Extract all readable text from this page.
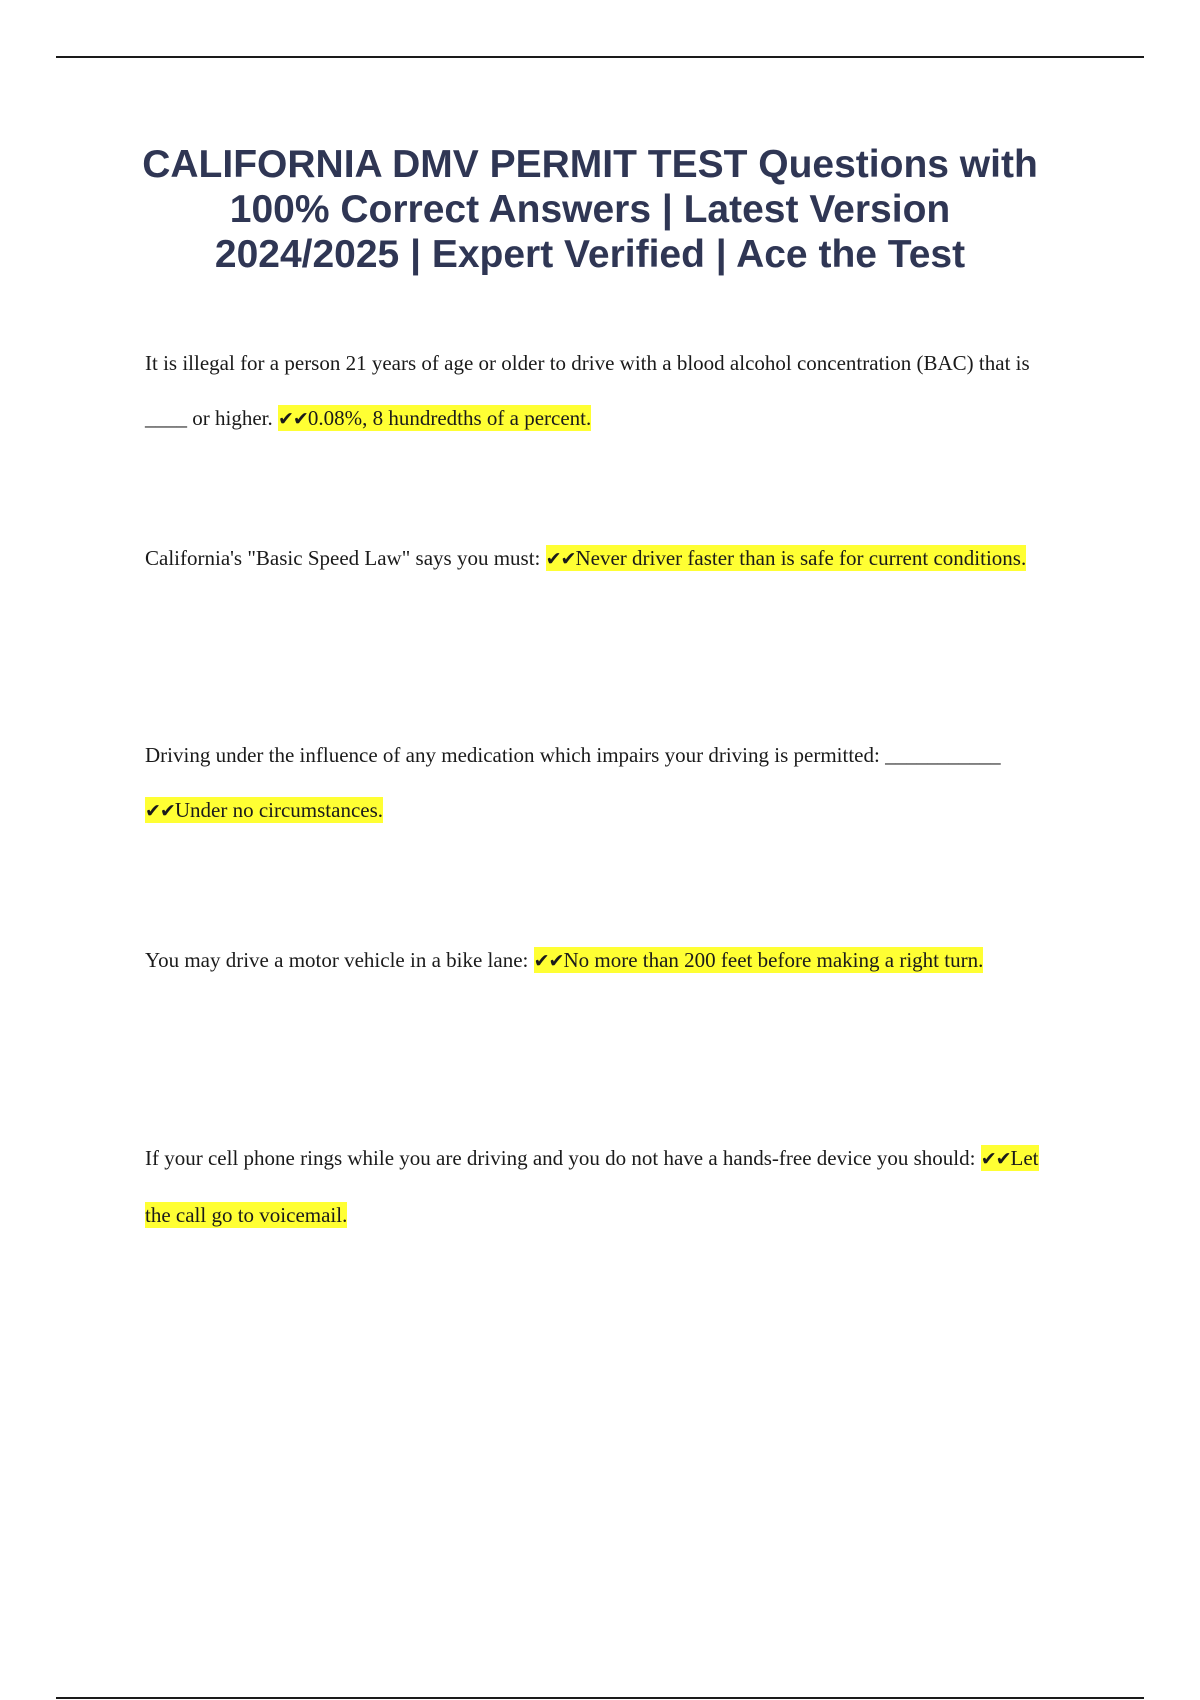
CALIFORNIA DMV PERMIT TEST Questions with 100% Correct Answers | Latest Version 2024/2025 | Expert Verified | Ace the Test

It is illegal for a person 21 years of age or older to drive with a blood alcohol concentration (BAC) that is ____ or higher. ✔✔0.08%, 8 hundredths of a percent.

California's "Basic Speed Law" says you must: ✔✔Never driver faster than is safe for current conditions.

Driving under the influence of any medication which impairs your driving is permitted: ___________ ✔✔Under no circumstances.

You may drive a motor vehicle in a bike lane: ✔✔No more than 200 feet before making a right turn.

If your cell phone rings while you are driving and you do not have a hands-free device you should: ✔✔Let the call go to voicemail.
